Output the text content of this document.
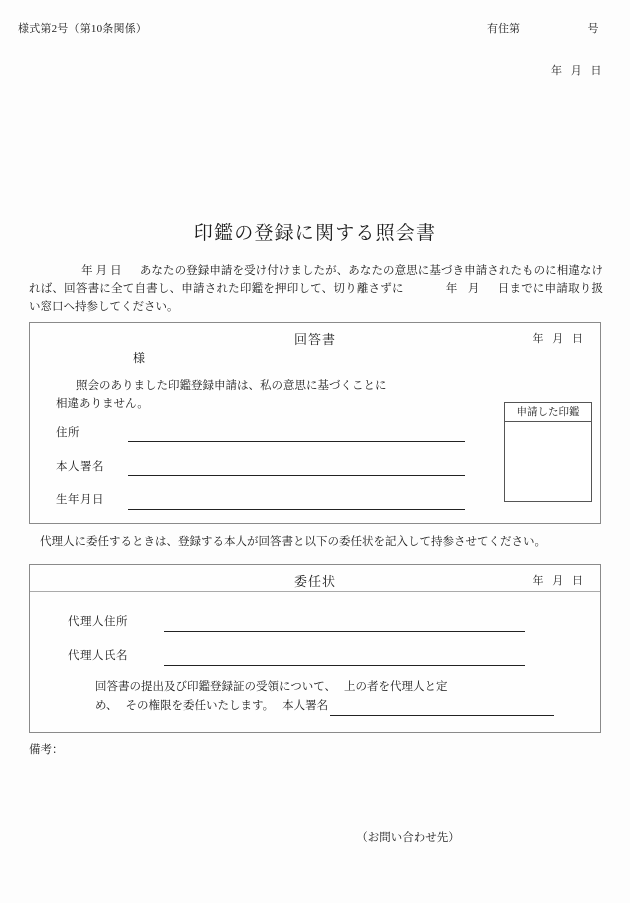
様式第2号（第10条関係）	有住第	号
年 月 日
印鑑の登録に関する照会書
年 月 日 あなたの登録申請を受け付けましたが、あなたの意思に基づき申請されたものに相違なければ、回答書に全て自書し、申請された印鑑を押印して、切り離さずに	年 月 日までに申請取り扱い窓口へ持参してください。
回答書	年 月 日
様
照会のありました印鑑登録申請は、私の意思に基づくことに
相違ありません。
住所
本人署名
生年月日
申請した印鑑
代理人に委任するときは、登録する本人が回答書と以下の委任状を記入して持参させてください。
委任状	年 月 日
代理人住所
代理人氏名
回答書の提出及び印鑑登録証の受領について、 上の者を代理人と定
め、 その権限を委任いたします。 本人署名
備考：
（お問い合わせ先）
